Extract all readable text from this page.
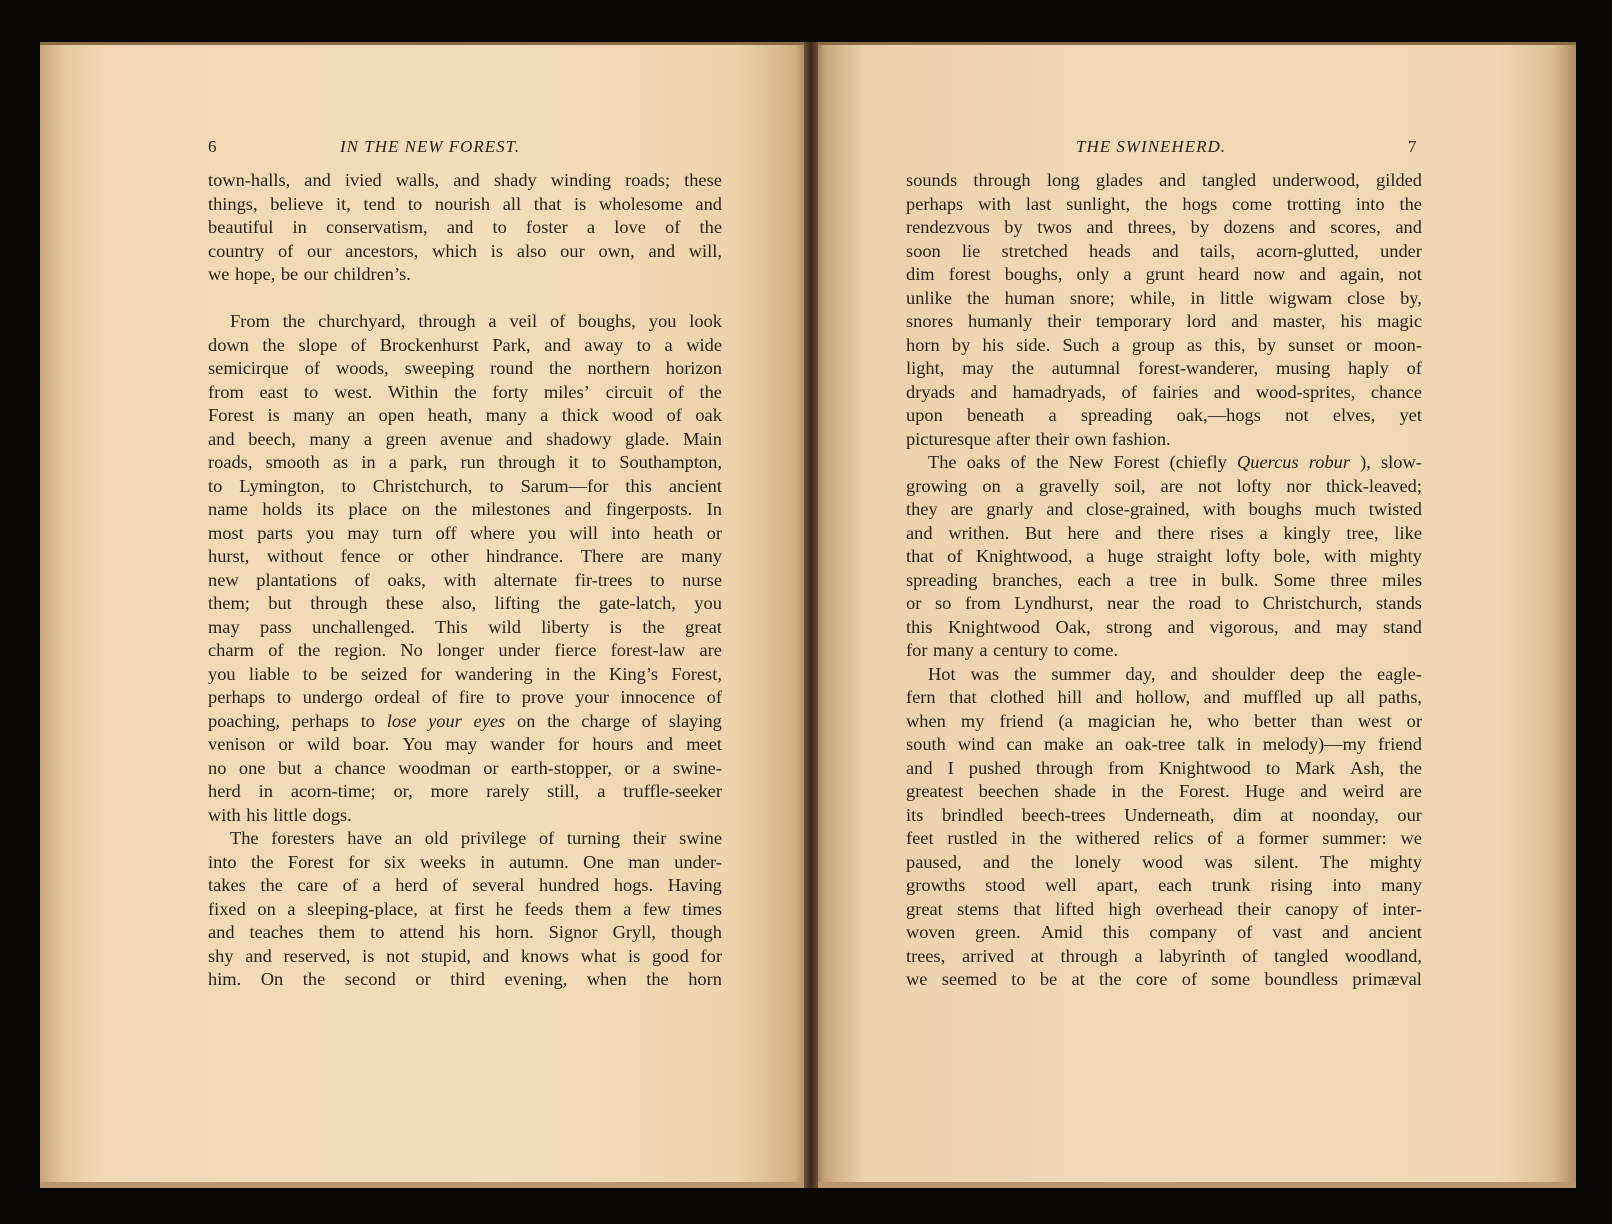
6	IN THE NEW FOREST.
town-halls, and ivied walls, and shady winding roads; these
things, believe it, tend to nourish all that is wholesome and
beautiful in conservatism, and to foster a love of the
country of our ancestors, which is also our own, and will,
we hope, be our children’s.
From the churchyard, through a veil of boughs, you look
down the slope of Brockenhurst Park, and away to a wide
semicirque of woods, sweeping round the northern horizon
from east to west. Within the forty miles’ circuit of the
Forest is many an open heath, many a thick wood of oak
and beech, many a green avenue and shadowy glade. Main
roads, smooth as in a park, run through it to Southampton,
to Lymington, to Christchurch, to Sarum—for this ancient
name holds its place on the milestones and fingerposts. In
most parts you may turn off where you will into heath or
hurst, without fence or other hindrance. There are many
new plantations of oaks, with alternate fir-trees to nurse
them; but through these also, lifting the gate-latch, you
may pass unchallenged. This wild liberty is the great
charm of the region. No longer under fierce forest-law are
you liable to be seized for wandering in the King’s Forest,
perhaps to undergo ordeal of fire to prove your innocence of
poaching, perhaps to lose your eyes on the charge of slaying
venison or wild boar. You may wander for hours and meet
no one but a chance woodman or earth-stopper, or a swine-
herd in acorn-time; or, more rarely still, a truffle-seeker
with his little dogs.
The foresters have an old privilege of turning their swine
into the Forest for six weeks in autumn. One man under-
takes the care of a herd of several hundred hogs. Having
fixed on a sleeping-place, at first he feeds them a few times
and teaches them to attend his horn. Signor Gryll, though
shy and reserved, is not stupid, and knows what is good for
him. On the second or third evening, when the horn
THE SWINEHERD.	7
sounds through long glades and tangled underwood, gilded
perhaps with last sunlight, the hogs come trotting into the
rendezvous by twos and threes, by dozens and scores, and
soon lie stretched heads and tails, acorn-glutted, under
dim forest boughs, only a grunt heard now and again, not
unlike the human snore; while, in little wigwam close by,
snores humanly their temporary lord and master, his magic
horn by his side. Such a group as this, by sunset or moon-
light, may the autumnal forest-wanderer, musing haply of
dryads and hamadryads, of fairies and wood-sprites, chance
upon beneath a spreading oak,—hogs not elves, yet
picturesque after their own fashion.
The oaks of the New Forest (chiefly Quercus robur ), slow-
growing on a gravelly soil, are not lofty nor thick-leaved;
they are gnarly and close-grained, with boughs much twisted
and writhen. But here and there rises a kingly tree, like
that of Knightwood, a huge straight lofty bole, with mighty
spreading branches, each a tree in bulk. Some three miles
or so from Lyndhurst, near the road to Christchurch, stands
this Knightwood Oak, strong and vigorous, and may stand
for many a century to come.
Hot was the summer day, and shoulder deep the eagle-
fern that clothed hill and hollow, and muffled up all paths,
when my friend (a magician he, who better than west or
south wind can make an oak-tree talk in melody)—my friend
and I pushed through from Knightwood to Mark Ash, the
greatest beechen shade in the Forest. Huge and weird are
its brindled beech-trees Underneath, dim at noonday, our
feet rustled in the withered relics of a former summer: we
paused, and the lonely wood was silent. The mighty
growths stood well apart, each trunk rising into many
great stems that lifted high overhead their canopy of inter-
woven green. Amid this company of vast and ancient
trees, arrived at through a labyrinth of tangled woodland,
we seemed to be at the core of some boundless primæval
